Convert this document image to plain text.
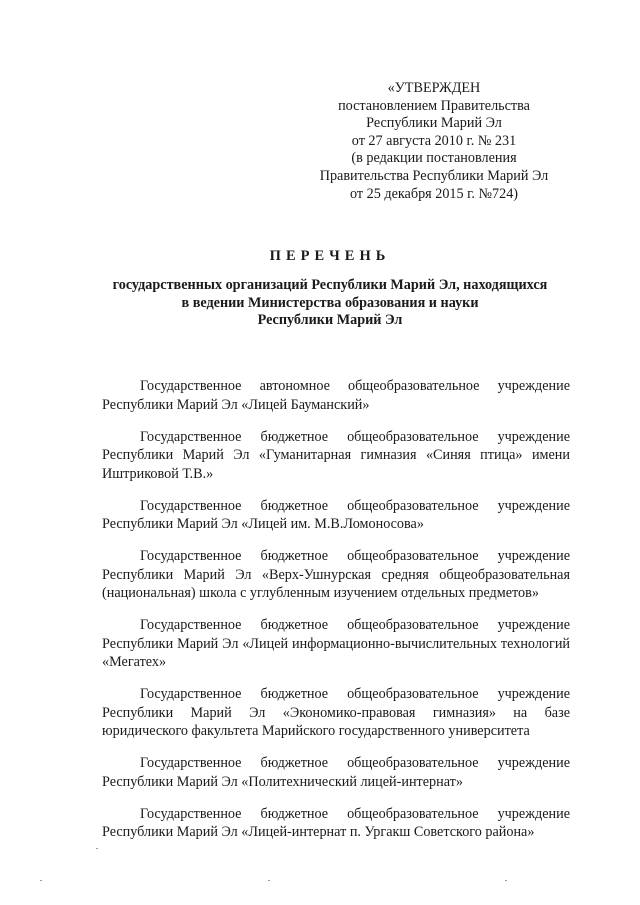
«УТВЕРЖДЕН
постановлением Правительства
Республики Марий Эл
от 27 августа 2010 г. № 231
(в редакции постановления
Правительства Республики Марий Эл
от 25 декабря 2015 г. №724)
ПЕРЕЧЕНЬ
государственных организаций Республики Марий Эл, находящихся
в ведении Министерства образования и науки
Республики Марий Эл

Государственное автономное общеобразовательное учреждение Республики Марий Эл «Лицей Бауманский»

Государственное бюджетное общеобразовательное учреждение Республики Марий Эл «Гуманитарная гимназия «Синяя птица» имени Иштриковой Т.В.»

Государственное бюджетное общеобразовательное учреждение Республики Марий Эл «Лицей им. М.В.Ломоносова»

Государственное бюджетное общеобразовательное учреждение Республики Марий Эл «Верх-Ушнурская средняя общеобразовательная (национальная) школа с углубленным изучением отдельных предметов»

Государственное бюджетное общеобразовательное учреждение Республики Марий Эл «Лицей информационно-вычислительных технологий «Мегатех»

Государственное бюджетное общеобразовательное учреждение Республики Марий Эл «Экономико-правовая гимназия» на базе юридического факультета Марийского государственного университета

Государственное бюджетное общеобразовательное учреждение Республики Марий Эл «Политехнический лицей-интернат»

Государственное бюджетное общеобразовательное учреждение Республики Марий Эл «Лицей-интернат п. Ургакш Советского района»
